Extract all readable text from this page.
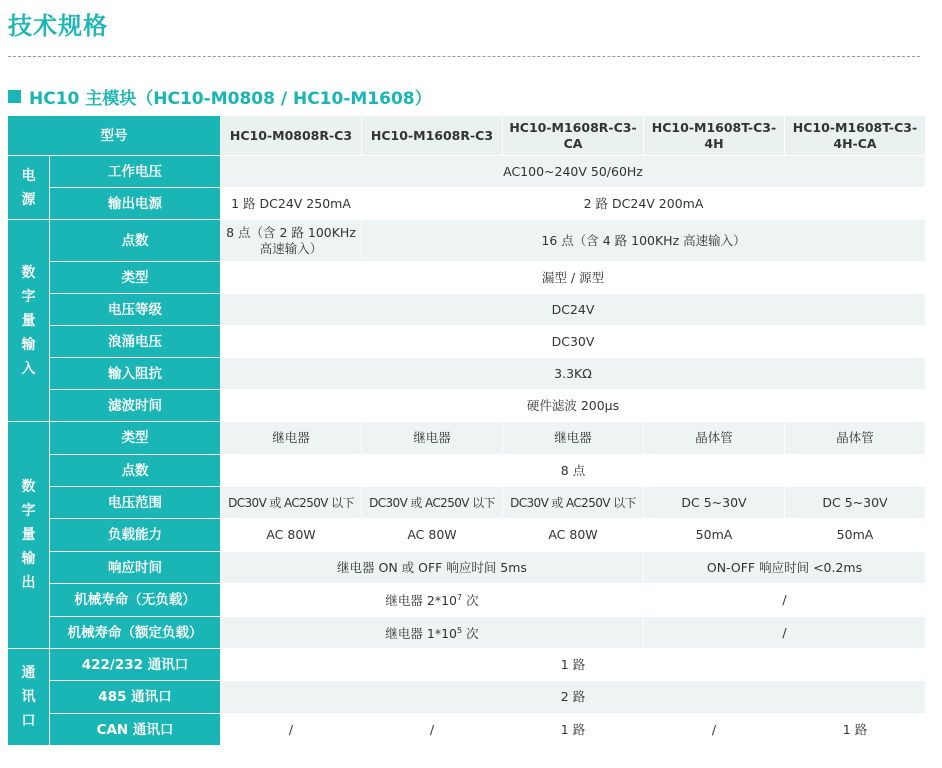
技术规格
HC10 主模块（HC10-M0808 / HC10-M1608）
型号		HC10-M0808R-C3	HC10-M1608R-C3	HC10-M1608R-C3-CA	HC10-M1608T-C3-4H	HC10-M1608T-C3-4H-CA

电
源	工作电压	AC100~240V 50/60Hz				
	输出电源	1 路 DC24V 250mA	2 路 DC24V 200mA			

数
字
量
输
入	点数	8 点（含 2 路 100KHz 高速输入）	16 点（含 4 路 100KHz 高速输入）			
	类型	漏型 / 源型				
	电压等级	DC24V				
	浪涌电压	DC30V				
	输入阻抗	3.3KΩ				
	滤波时间	硬件滤波 200μs				

数
字
量
输
出	类型	继电器	继电器	继电器	晶体管	晶体管
	点数	8 点				
	电压范围	DC30V 或 AC250V 以下	DC30V 或 AC250V 以下	DC30V 或 AC250V 以下	DC 5~30V	DC 5~30V
	负载能力	AC 80W	AC 80W	AC 80W	50mA	50mA
	响应时间	继电器 ON 或 OFF 响应时间 5ms			ON-OFF 响应时间 <0.2ms	
	机械寿命（无负载）	继电器 $2*10^7$ 次			/	
	机械寿命（额定负载）	继电器 $1*10^5$ 次			/	

通
讯
口	422/232 通讯口	1 路				
	485 通讯口	2 路				
	CAN 通讯口	/	/	1 路	/	1 路
